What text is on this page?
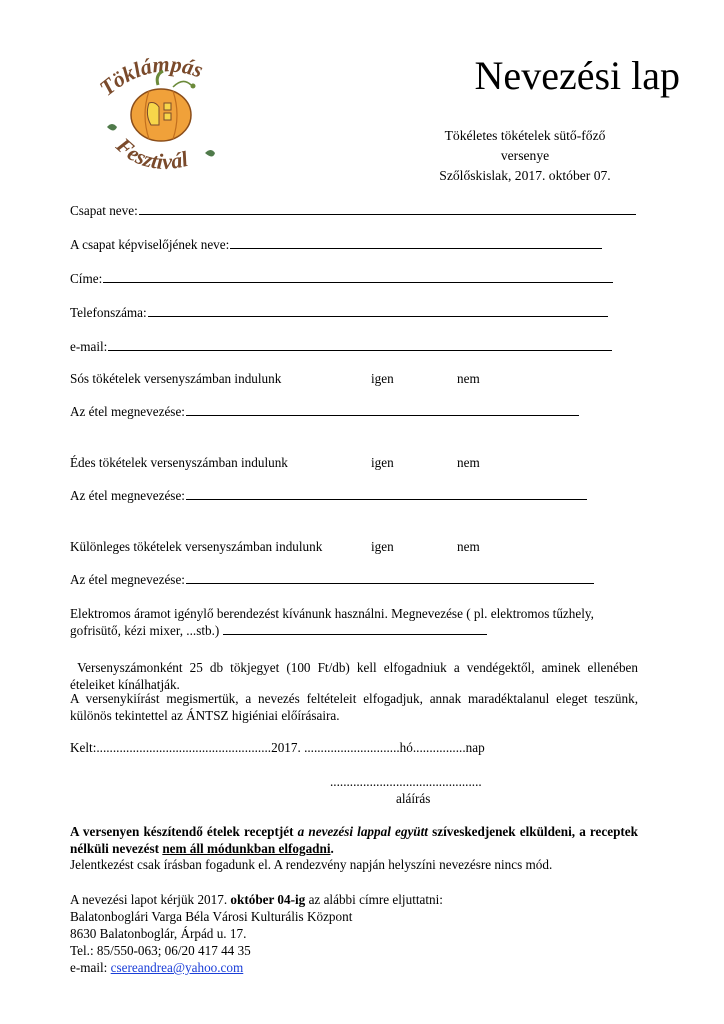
Töklámpás
Fesztivál
Nevezési lap
Tökéletes tökételek sütő-főző
versenye
Szőlőskislak, 2017. október 07.
Csapat neve:
A csapat képviselőjének neve:
Címe:
Telefonszáma:
e-mail:
Sós tökételek versenyszámban indulunk	igen	nem
Az étel megnevezése:
Édes tökételek versenyszámban indulunk	igen	nem
Az étel megnevezése:
Különleges tökételek versenyszámban indulunk	igen	nem
Az étel megnevezése:
Elektromos áramot igénylő berendezést kívánunk használni. Megnevezése ( pl. elektromos tűzhely,
gofrisütő, kézi mixer, ...stb.)
Versenyszámonként 25 db tökjegyet (100 Ft/db) kell elfogadniuk a vendégektől, aminek ellenében ételeiket kínálhatják.
A versenykiírást megismertük, a nevezés feltételeit elfogadjuk, annak maradéktalanul eleget teszünk, különös tekintettel az ÁNTSZ higiéniai előírásaira.
Kelt:.....................................................2017. .............................hó................nap
..............................................
aláírás
A versenyen készítendő ételek receptjét a nevezési lappal együtt szíveskedjenek elküldeni, a receptek nélküli nevezést nem áll módunkban elfogadni.
Jelentkezést csak írásban fogadunk el. A rendezvény napján helyszíni nevezésre nincs mód.
A nevezési lapot kérjük 2017. október 04-ig az alábbi címre eljuttatni:
Balatonboglári Varga Béla Városi Kulturális Központ
8630 Balatonboglár, Árpád u. 17.
Tel.: 85/550-063; 06/20 417 44 35
e-mail: csereandrea@yahoo.com
